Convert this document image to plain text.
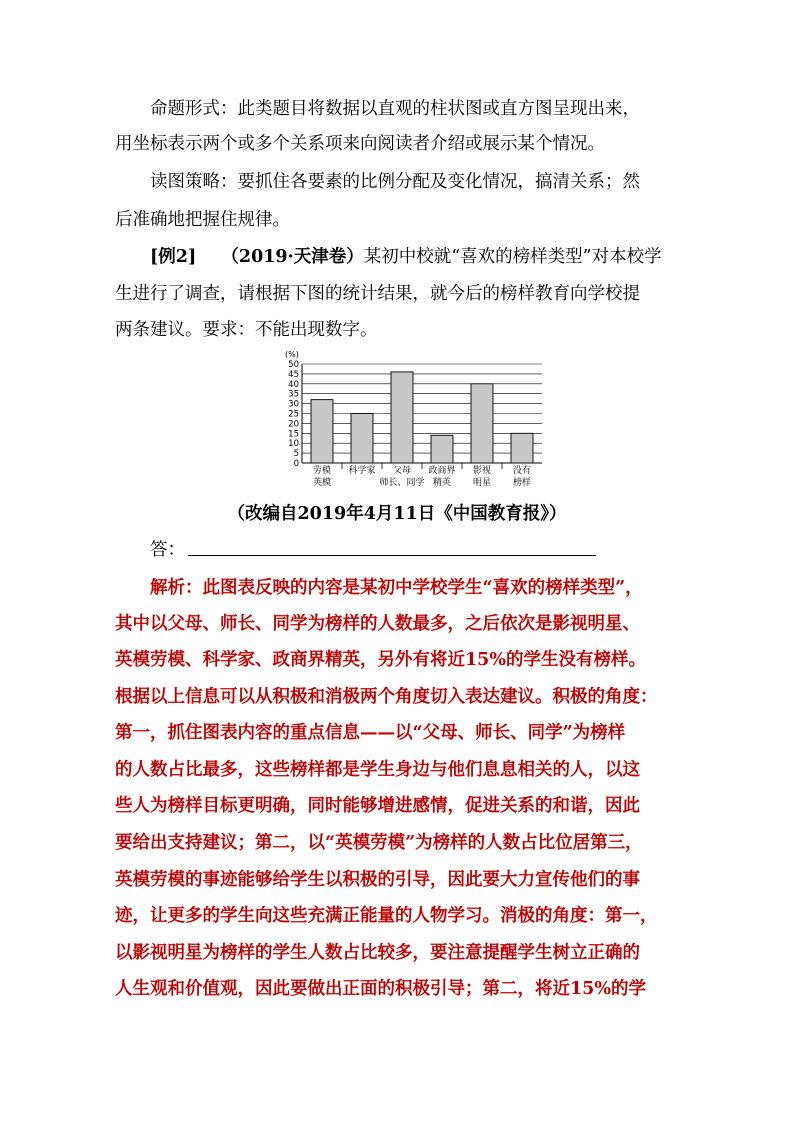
命题形式：此类题目将数据以直观的柱状图或直方图呈现出来，
用坐标表示两个或多个关系项来向阅读者介绍或展示某个情况。
读图策略：要抓住各要素的比例分配及变化情况，搞清关系；然
后准确地把握住规律。
[例2] （2019·天津卷）某初中校就“喜欢的榜样类型”对本校学
生进行了调查，请根据下图的统计结果，就今后的榜样教育向学校提
两条建议。要求：不能出现数字。
(%)
0
5
10
15
20
25
30
35
40
45
50
劳模
英模
科学家 父母
师长、同学
政商界
精英
影视
明星
没有
榜样
（改编自2019年4月11日《中国教育报》）
答：
解析：此图表反映的内容是某初中学校学生“喜欢的榜样类型”，
其中以父母、师长、同学为榜样的人数最多，之后依次是影视明星、
英模劳模、科学家、政商界精英，另外有将近15%的学生没有榜样。
根据以上信息可以从积极和消极两个角度切入表达建议。积极的角度：
第一，抓住图表内容的重点信息——以“父母、师长、同学”为榜样
的人数占比最多，这些榜样都是学生身边与他们息息相关的人，以这
些人为榜样目标更明确，同时能够增进感情，促进关系的和谐，因此
要给出支持建议；第二，以“英模劳模”为榜样的人数占比位居第三，
英模劳模的事迹能够给学生以积极的引导，因此要大力宣传他们的事
迹，让更多的学生向这些充满正能量的人物学习。消极的角度：第一，
以影视明星为榜样的学生人数占比较多，要注意提醒学生树立正确的
人生观和价值观，因此要做出正面的积极引导；第二，将近15%的学
